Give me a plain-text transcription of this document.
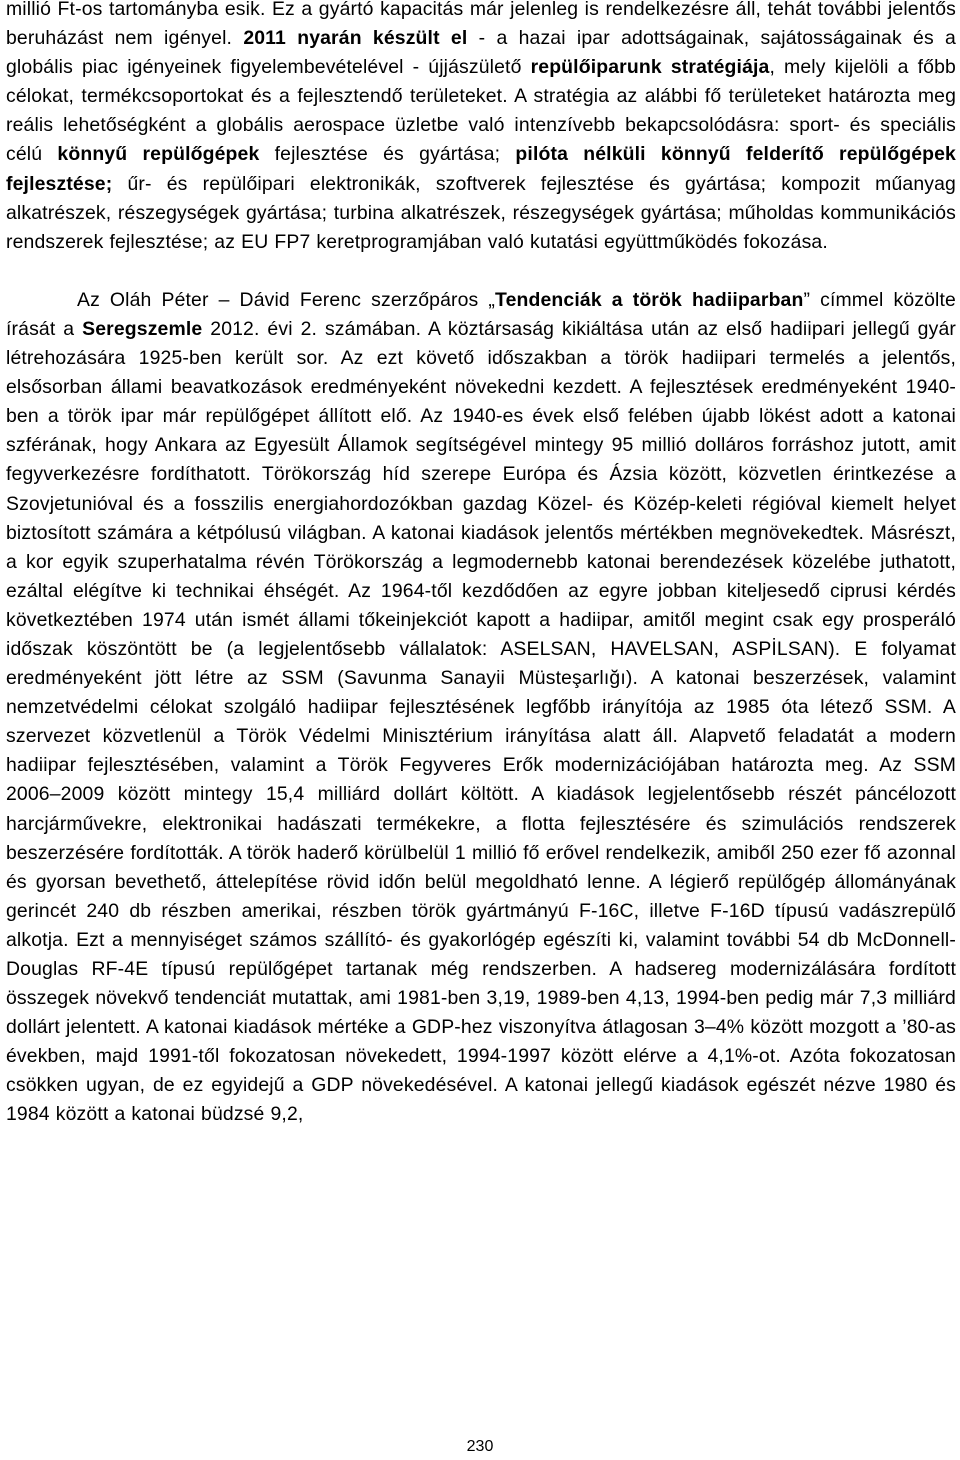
millió Ft-os tartományba esik. Ez a gyártó kapacitás már jelenleg is rendelkezésre áll, tehát további jelentős beruházást nem igényel. 2011 nyarán készült el - a hazai ipar adottságainak, sajátosságainak és a globális piac igényeinek figyelembevételével - újjászülető repülőiparunk stratégiája, mely kijelöli a főbb célokat, termékcsoportokat és a fejlesztendő területeket. A stratégia az alábbi fő területeket határozta meg reális lehetőségként a globális aerospace üzletbe való intenzívebb bekapcsolódásra: sport- és speciális célú könnyű repülőgépek fejlesztése és gyártása; pilóta nélküli könnyű felderítő repülőgépek fejlesztése; űr- és repülőipari elektronikák, szoftverek fejlesztése és gyártása; kompozit műanyag alkatrészek, részegységek gyártása; turbina alkatrészek, részegységek gyártása; műholdas kommunikációs rendszerek fejlesztése; az EU FP7 keretprogramjában való kutatási együttműködés fokozása.

Az Oláh Péter – Dávid Ferenc szerzőpáros „Tendenciák a török hadiiparban” címmel közölte írását a Seregszemle 2012. évi 2. számában. A köztársaság kikiáltása után az első hadiipari jellegű gyár létrehozására 1925-ben került sor. Az ezt követő időszakban a török hadiipari termelés a jelentős, elsősorban állami beavatkozások eredményeként növekedni kezdett. A fejlesztések eredményeként 1940-ben a török ipar már repülőgépet állított elő. Az 1940-es évek első felében újabb lökést adott a katonai szférának, hogy Ankara az Egyesült Államok segítségével mintegy 95 millió dolláros forráshoz jutott, amit fegyverkezésre fordíthatott. Törökország híd szerepe Európa és Ázsia között, közvetlen érintkezése a Szovjetunióval és a fosszilis energiahordozókban gazdag Közel- és Közép-keleti régióval kiemelt helyet biztosított számára a kétpólusú világban. A katonai kiadások jelentős mértékben megnövekedtek. Másrészt, a kor egyik szuperhatalma révén Törökország a legmodernebb katonai berendezések közelébe juthatott, ezáltal elégítve ki technikai éhségét. Az 1964-től kezdődően az egyre jobban kiteljesedő ciprusi kérdés következtében 1974 után ismét állami tőkeinjekciót kapott a hadiipar, amitől megint csak egy prosperáló időszak köszöntött be (a legjelentősebb vállalatok: ASELSAN, HAVELSAN, ASPİLSAN). E folyamat eredményeként jött létre az SSM (Savunma Sanayii Müsteşarlığı). A katonai beszerzések, valamint nemzetvédelmi célokat szolgáló hadiipar fejlesztésének legfőbb irányítója az 1985 óta létező SSM. A szervezet közvetlenül a Török Védelmi Minisztérium irányítása alatt áll. Alapvető feladatát a modern hadiipar fejlesztésében, valamint a Török Fegyveres Erők modernizációjában határozta meg. Az SSM 2006–2009 között mintegy 15,4 milliárd dollárt költött. A kiadások legjelentősebb részét páncélozott harcjárművekre, elektronikai hadászati termékekre, a flotta fejlesztésére és szimulációs rendszerek beszerzésére fordították. A török haderő körülbelül 1 millió fő erővel rendelkezik, amiből 250 ezer fő azonnal és gyorsan bevethető, áttelepítése rövid időn belül megoldható lenne. A légierő repülőgép állományának gerincét 240 db részben amerikai, részben török gyártmányú F-16C, illetve F-16D típusú vadászrepülő alkotja. Ezt a mennyiséget számos szállító- és gyakorlógép egészíti ki, valamint további 54 db McDonnell-Douglas RF-4E típusú repülőgépet tartanak még rendszerben. A hadsereg modernizálására fordított összegek növekvő tendenciát mutattak, ami 1981-ben 3,19, 1989-ben 4,13, 1994-ben pedig már 7,3 milliárd dollárt jelentett. A katonai kiadások mértéke a GDP-hez viszonyítva átlagosan 3–4% között mozgott a ’80-as években, majd 1991-től fokozatosan növekedett, 1994-1997 között elérve a 4,1%-ot. Azóta fokozatosan csökken ugyan, de ez egyidejű a GDP növekedésével. A katonai jellegű kiadások egészét nézve 1980 és 1984 között a katonai büdzsé 9,2,

230
